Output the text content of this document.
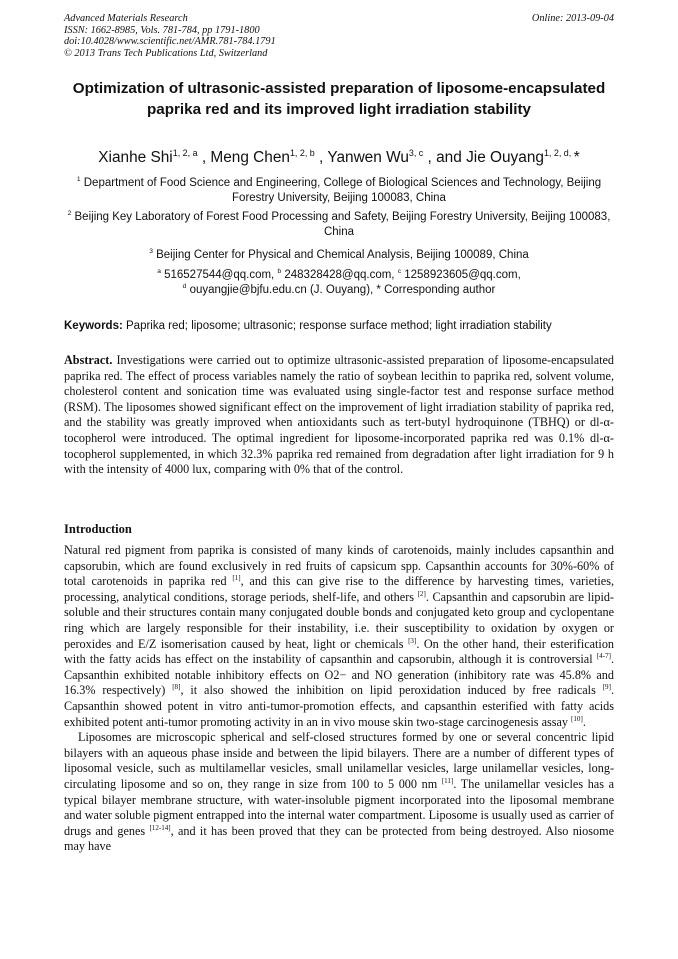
Advanced Materials Research
ISSN: 1662-8985, Vols. 781-784, pp 1791-1800
doi:10.4028/www.scientific.net/AMR.781-784.1791
© 2013 Trans Tech Publications Ltd, Switzerland
Online: 2013-09-04
Optimization of ultrasonic-assisted preparation of liposome-encapsulated paprika red and its improved light irradiation stability
Xianhe Shi$^{1, 2, a}$ , Meng Chen$^{1, 2, b}$ , Yanwen Wu$^{3, c}$ , and Jie Ouyang$^{1, 2, d,}$ *
$^1$ Department of Food Science and Engineering, College of Biological Sciences and Technology, Beijing Forestry University, Beijing 100083, China
$^2$ Beijing Key Laboratory of Forest Food Processing and Safety, Beijing Forestry University, Beijing 100083, China
$^3$ Beijing Center for Physical and Chemical Analysis, Beijing 100089, China
$^a$ 516527544@qq.com, $^b$ 248328428@qq.com, $^c$ 1258923605@qq.com,
$^d$ ouyangjie@bjfu.edu.cn (J. Ouyang), * Corresponding author
Keywords: Paprika red; liposome; ultrasonic; response surface method; light irradiation stability
Abstract. Investigations were carried out to optimize ultrasonic-assisted preparation of liposome-encapsulated paprika red. The effect of process variables namely the ratio of soybean lecithin to paprika red, solvent volume, cholesterol content and sonication time was evaluated using single-factor test and response surface method (RSM). The liposomes showed significant effect on the improvement of light irradiation stability of paprika red, and the stability was greatly improved when antioxidants such as tert-butyl hydroquinone (TBHQ) or dl-α-tocopherol were introduced. The optimal ingredient for liposome-incorporated paprika red was 0.1% dl-α-tocopherol supplemented, in which 32.3% paprika red remained from degradation after light irradiation for 9 h with the intensity of 4000 lux, comparing with 0% that of the control.
Introduction

Natural red pigment from paprika is consisted of many kinds of carotenoids, mainly includes capsanthin and capsorubin, which are found exclusively in red fruits of capsicum spp. Capsanthin accounts for 30%-60% of total carotenoids in paprika red [1], and this can give rise to the difference by harvesting times, varieties, processing, analytical conditions, storage periods, shelf-life, and others [2]. Capsanthin and capsorubin are lipid-soluble and their structures contain many conjugated double bonds and conjugated keto group and cyclopentane ring which are largely responsible for their instability, i.e. their susceptibility to oxidation by oxygen or peroxides and E/Z isomerisation caused by heat, light or chemicals [3]. On the other hand, their esterification with the fatty acids has effect on the instability of capsanthin and capsorubin, although it is controversial [4-7]. Capsanthin exhibited notable inhibitory effects on O2− and NO generation (inhibitory rate was 45.8% and 16.3% respectively) [8], it also showed the inhibition on lipid peroxidation induced by free radicals [9]. Capsanthin showed potent in vitro anti-tumor-promotion effects, and capsanthin esterified with fatty acids exhibited potent anti-tumor promoting activity in an in vivo mouse skin two-stage carcinogenesis assay [10].

Liposomes are microscopic spherical and self-closed structures formed by one or several concentric lipid bilayers with an aqueous phase inside and between the lipid bilayers. There are a number of different types of liposomal vesicle, such as multilamellar vesicles, small unilamellar vesicles, large unilamellar vesicles, long-circulating liposome and so on, they range in size from 100 to 5 000 nm [11]. The unilamellar vesicles has a typical bilayer membrane structure, with water-insoluble pigment incorporated into the liposomal membrane and water soluble pigment entrapped into the internal water compartment. Liposome is usually used as carrier of drugs and genes [12-14], and it has been proved that they can be protected from being destroyed. Also niosome may have
